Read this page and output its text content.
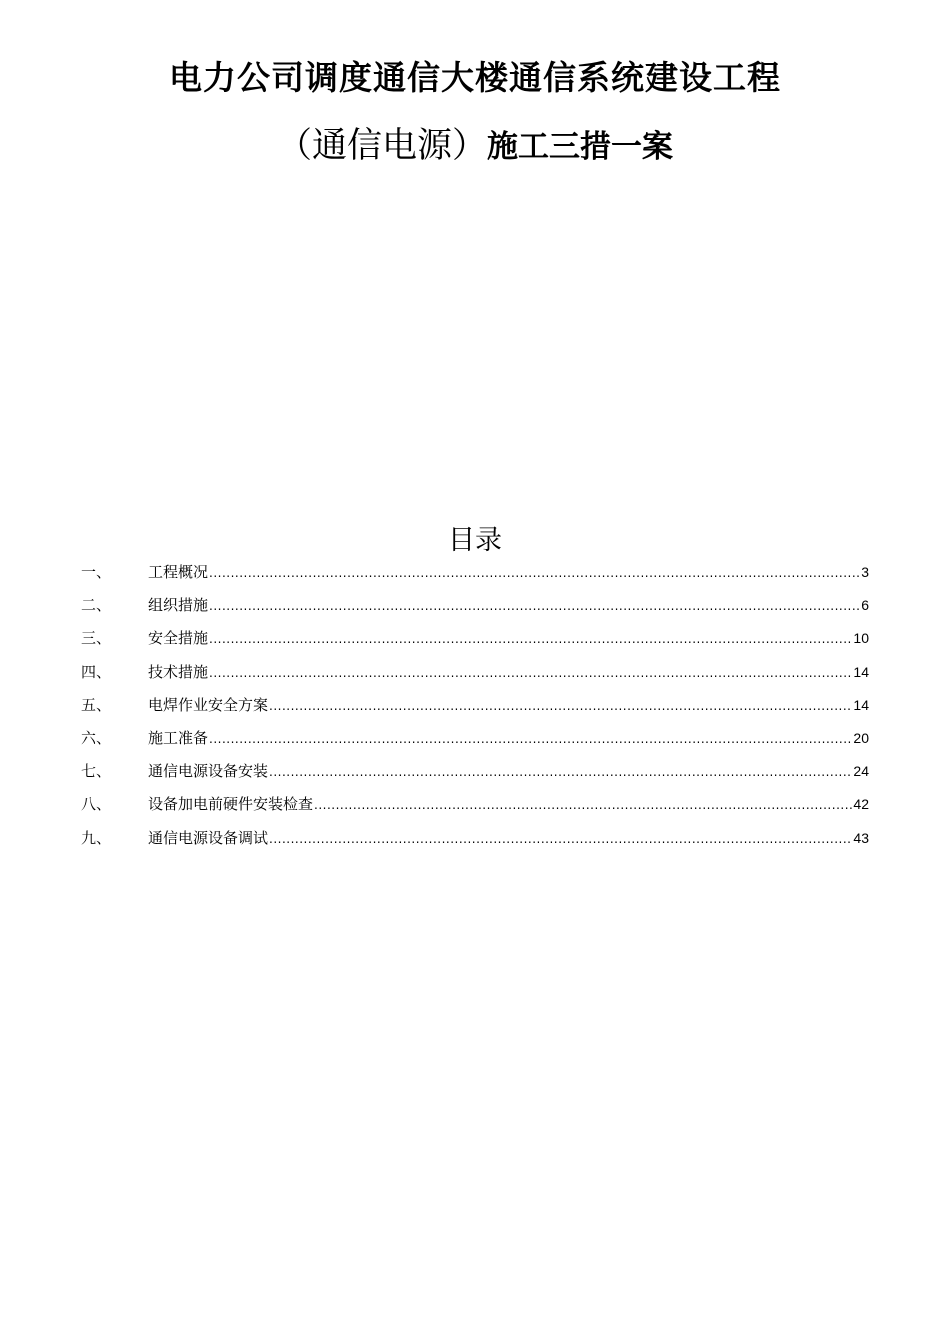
电力公司调度通信大楼通信系统建设工程
（通信电源）施工三措一案
目录
一、	工程概况 .....	3
二、	组织措施 .....	6
三、	安全措施 .....	10
四、	技术措施 .....	14
五、	电焊作业安全方案 .....	14
六、	施工准备 .....	20
七、	通信电源设备安装 .....	24
八、	设备加电前硬件安装检查 .....	42
九、	通信电源设备调试 .....	43
